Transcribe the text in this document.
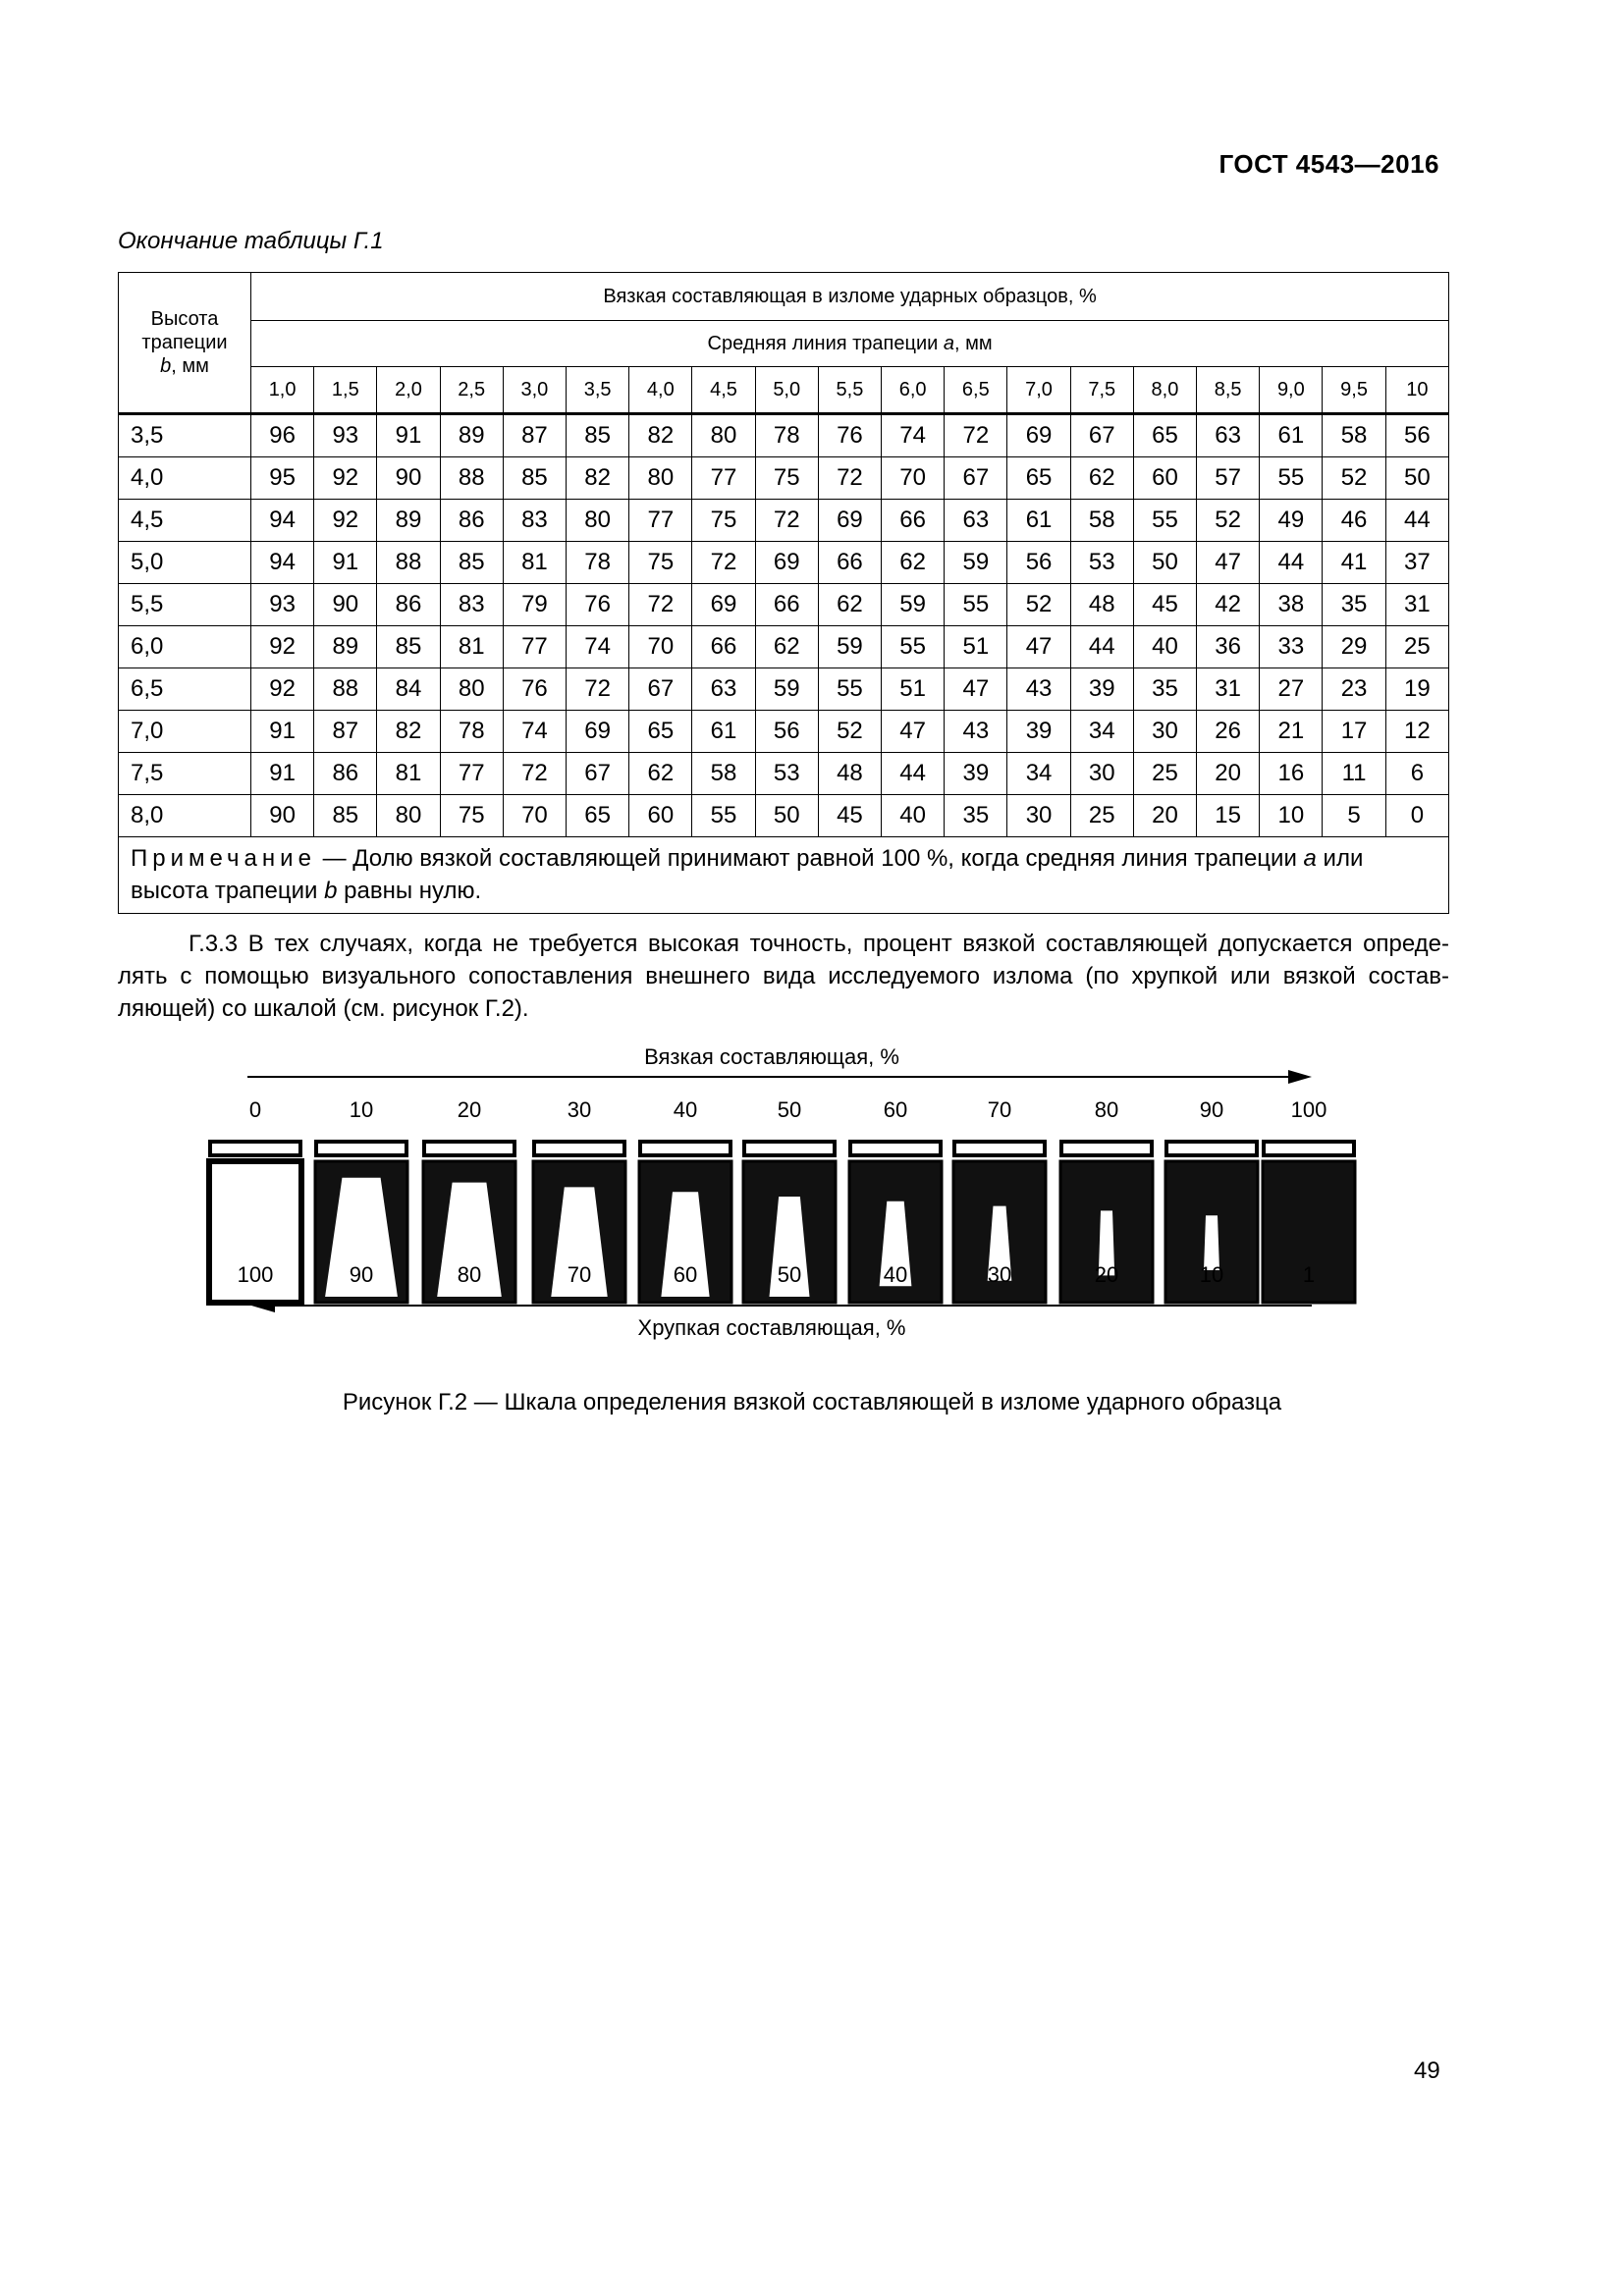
ГОСТ 4543—2016
Окончание таблицы Г.1
Высота
трапеции
b, мм	Вязкая составляющая в изломе ударных образцов, %																		
	Средняя линия трапеции a, мм																		
	1,0	1,5	2,0	2,5	3,0	3,5	4,0	4,5	5,0	5,5	6,0	6,5	7,0	7,5	8,0	8,5	9,0	9,5	10
3,5	96	93	91	89	87	85	82	80	78	76	74	72	69	67	65	63	61	58	56
4,0	95	92	90	88	85	82	80	77	75	72	70	67	65	62	60	57	55	52	50
4,5	94	92	89	86	83	80	77	75	72	69	66	63	61	58	55	52	49	46	44
5,0	94	91	88	85	81	78	75	72	69	66	62	59	56	53	50	47	44	41	37
5,5	93	90	86	83	79	76	72	69	66	62	59	55	52	48	45	42	38	35	31
6,0	92	89	85	81	77	74	70	66	62	59	55	51	47	44	40	36	33	29	25
6,5	92	88	84	80	76	72	67	63	59	55	51	47	43	39	35	31	27	23	19
7,0	91	87	82	78	74	69	65	61	56	52	47	43	39	34	30	26	21	17	12
7,5	91	86	81	77	72	67	62	58	53	48	44	39	34	30	25	20	16	11	6
8,0	90	85	80	75	70	65	60	55	50	45	40	35	30	25	20	15	10	5	0
Примечание — Долю вязкой составляющей принимают равной 100 %, когда средняя линия трапеции a или высота трапеции b равны нулю.																			
Г.3.3 В тех случаях, когда не требуется высокая точность, процент вязкой составляющей допускается опреде-
лять с помощью визуального сопоставления внешнего вида исследуемого излома (по хрупкой или вязкой состав-
ляющей) со шкалой (см. рисунок Г.2).
Вязкая составляющая, %
0	10	20	30	40	50	60	70	80	90	100
100	90	80	70	60	50	40	30	20	10	1
Хрупкая составляющая, %
Рисунок Г.2 — Шкала определения вязкой составляющей в изломе ударного образца
49
